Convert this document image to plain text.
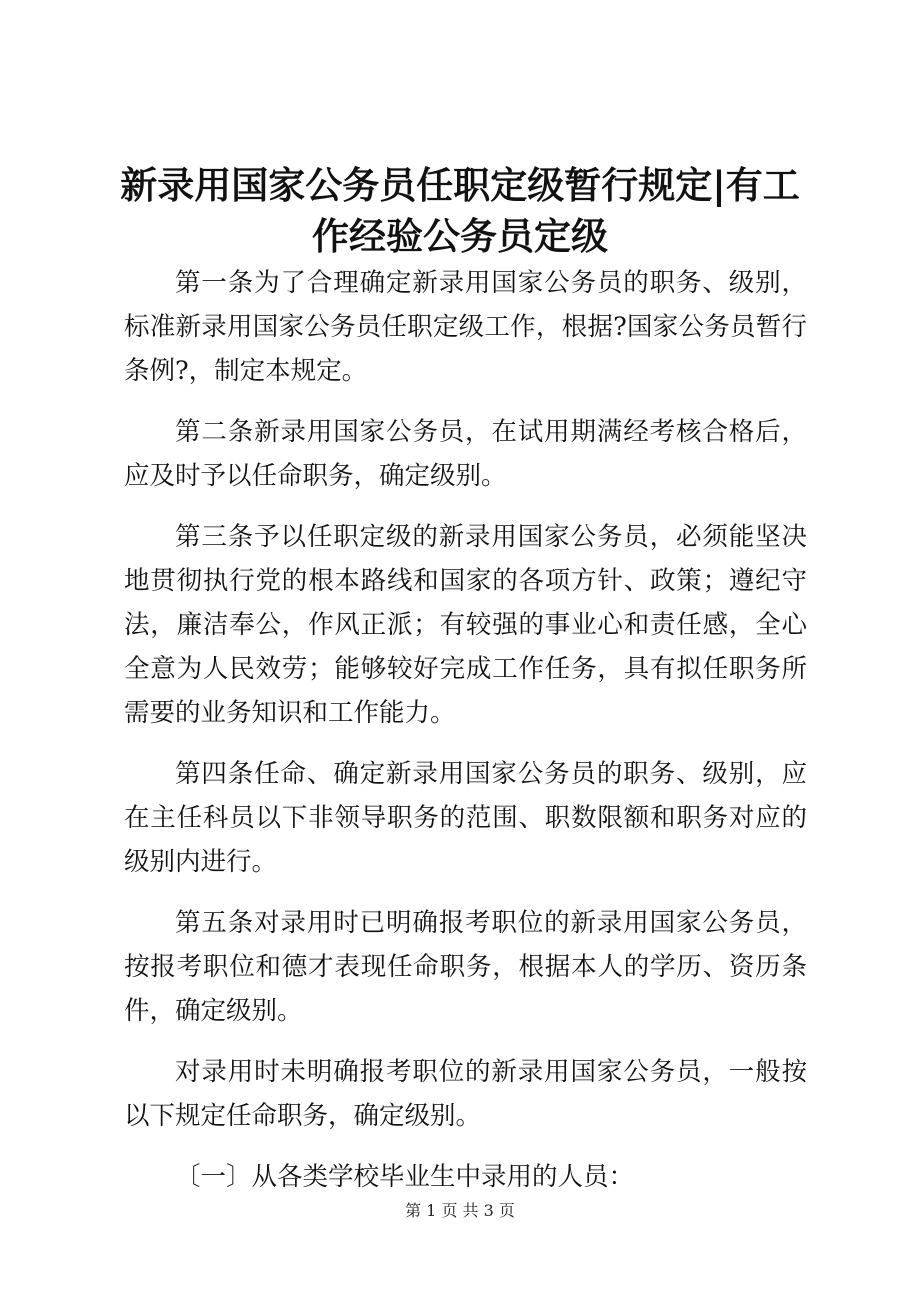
新录用国家公务员任职定级暂行规定|有工作经验公务员定级

第一条为了合理确定新录用国家公务员的职务、级别，标准新录用国家公务员任职定级工作，根据?国家公务员暂行条例?，制定本规定。

第二条新录用国家公务员，在试用期满经考核合格后，应及时予以任命职务，确定级别。

第三条予以任职定级的新录用国家公务员，必须能坚决地贯彻执行党的根本路线和国家的各项方针、政策；遵纪守法，廉洁奉公，作风正派；有较强的事业心和责任感，全心全意为人民效劳；能够较好完成工作任务，具有拟任职务所需要的业务知识和工作能力。

第四条任命、确定新录用国家公务员的职务、级别，应在主任科员以下非领导职务的范围、职数限额和职务对应的级别内进行。

第五条对录用时已明确报考职位的新录用国家公务员，按报考职位和德才表现任命职务，根据本人的学历、资历条件，确定级别。

对录用时未明确报考职位的新录用国家公务员，一般按以下规定任命职务，确定级别。

〔一〕从各类学校毕业生中录用的人员：

第 1 页 共 3 页
